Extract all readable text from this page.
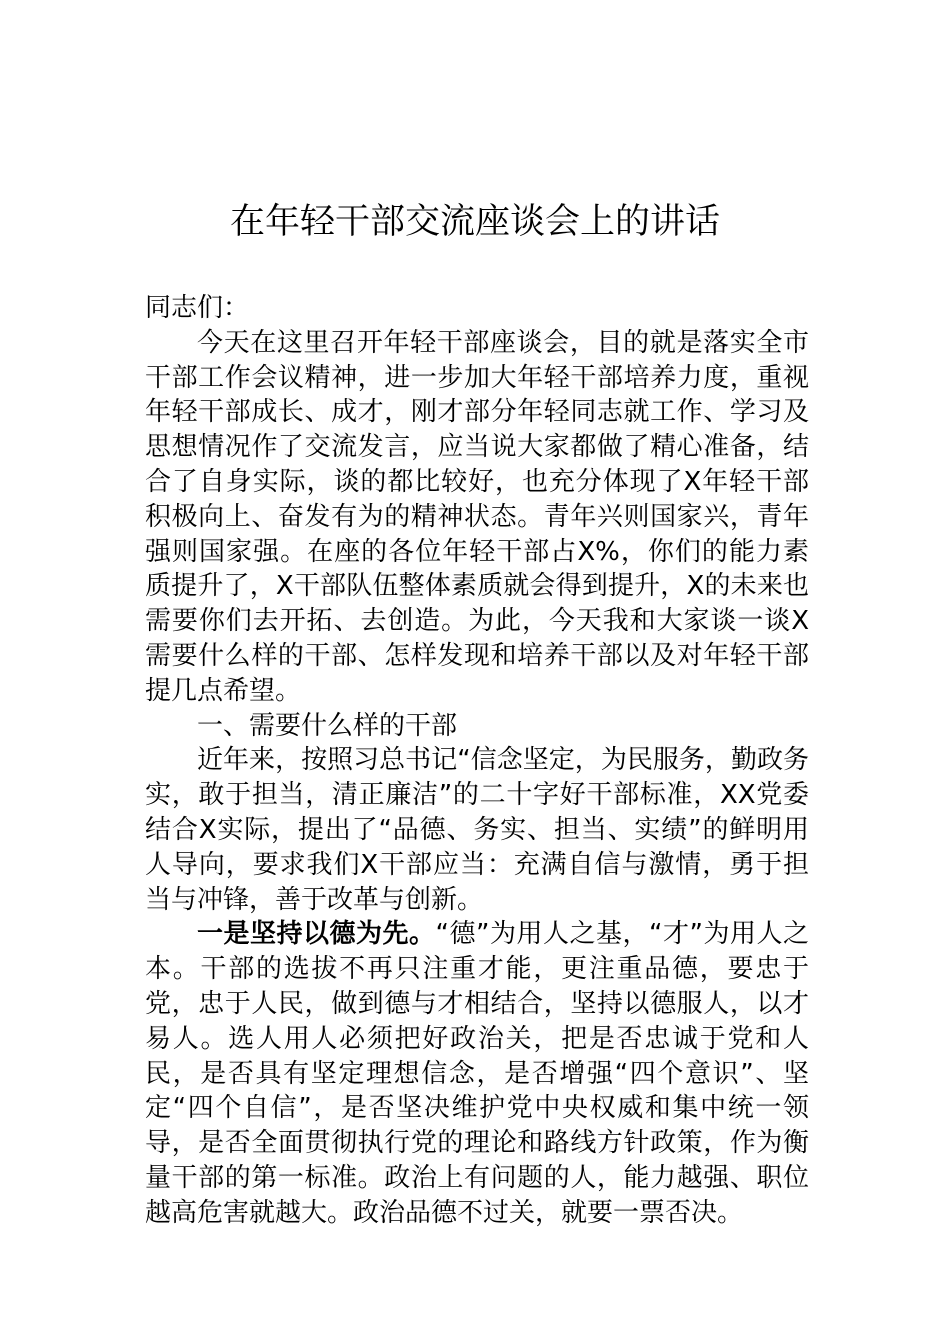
在年轻干部交流座谈会上的讲话

同志们：

今天在这里召开年轻干部座谈会，目的就是落实全市干部工作会议精神，进一步加大年轻干部培养力度，重视年轻干部成长、成才，刚才部分年轻同志就工作、学习及思想情况作了交流发言，应当说大家都做了精心准备，结合了自身实际，谈的都比较好，也充分体现了X年轻干部积极向上、奋发有为的精神状态。青年兴则国家兴，青年强则国家强。在座的各位年轻干部占X%，你们的能力素质提升了，X干部队伍整体素质就会得到提升，X的未来也需要你们去开拓、去创造。为此，今天我和大家谈一谈X需要什么样的干部、怎样发现和培养干部以及对年轻干部提几点希望。

一、需要什么样的干部

近年来，按照习总书记“信念坚定，为民服务，勤政务实，敢于担当，清正廉洁”的二十字好干部标准，XX党委结合X实际，提出了“品德、务实、担当、实绩”的鲜明用人导向，要求我们X干部应当：充满自信与激情，勇于担当与冲锋，善于改革与创新。

一是坚持以德为先。“德”为用人之基，“才”为用人之本。干部的选拔不再只注重才能，更注重品德，要忠于党，忠于人民，做到德与才相结合，坚持以德服人，以才易人。选人用人必须把好政治关，把是否忠诚于党和人民，是否具有坚定理想信念，是否增强“四个意识”、坚定“四个自信”，是否坚决维护党中央权威和集中统一领导，是否全面贯彻执行党的理论和路线方针政策，作为衡量干部的第一标准。政治上有问题的人，能力越强、职位越高危害就越大。政治品德不过关，就要一票否决。
